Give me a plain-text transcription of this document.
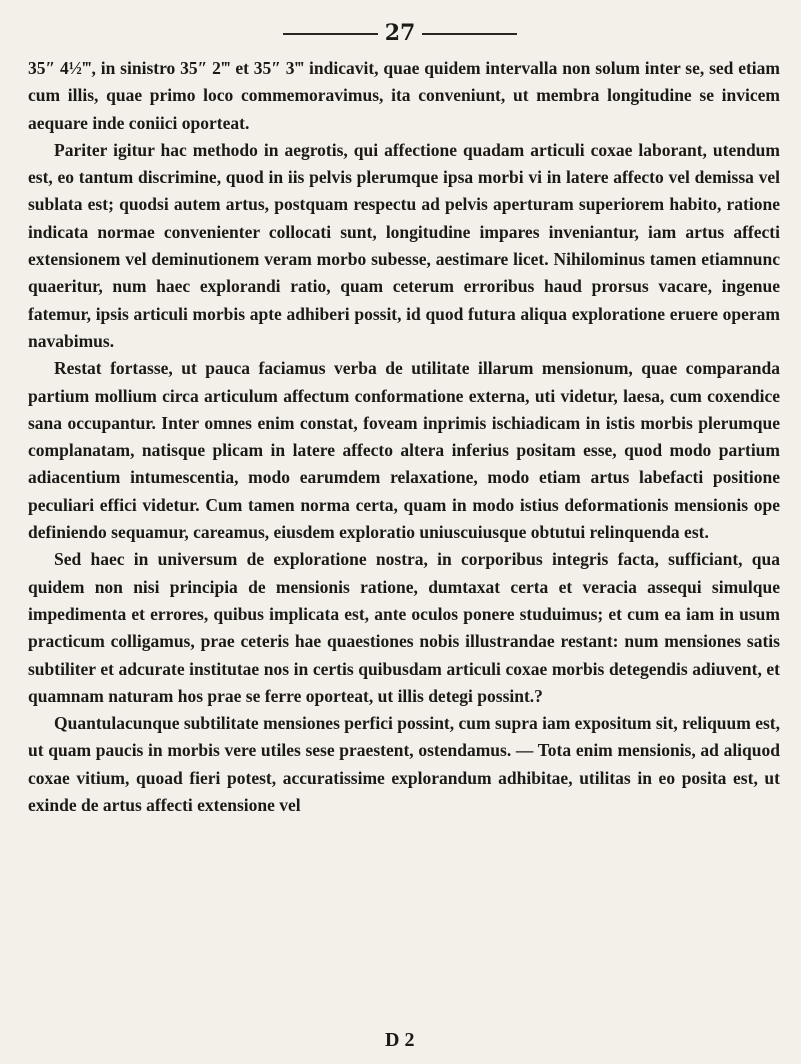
27

35″ 4½‴, in sinistro 35″ 2‴ et 35″ 3‴ indicavit, quae quidem intervalla non solum inter se, sed etiam cum illis, quae primo loco commemoravimus, ita conveniunt, ut membra longitudine se invicem aequare inde coniici oporteat.

Pariter igitur hac methodo in aegrotis, qui affectione quadam articuli coxae laborant, utendum est, eo tantum discrimine, quod in iis pelvis plerumque ipsa morbi vi in latere affecto vel demissa vel sublata est; quodsi autem artus, postquam respectu ad pelvis aperturam superiorem habito, ratione indicata normae convenienter collocati sunt, longitudine impares inveniantur, iam artus affecti extensionem vel deminutionem veram morbo subesse, aestimare licet. Nihilominus tamen etiamnunc quaeritur, num haec explorandi ratio, quam ceterum erroribus haud prorsus vacare, ingenue fatemur, ipsis articuli morbis apte adhiberi possit, id quod futura aliqua exploratione eruere operam navabimus.

Restat fortasse, ut pauca faciamus verba de utilitate illarum mensionum, quae comparanda partium mollium circa articulum affectum conformatione externa, uti videtur, laesa, cum coxendice sana occupantur. Inter omnes enim constat, foveam inprimis ischiadicam in istis morbis plerumque complanatam, natisque plicam in latere affecto altera inferius positam esse, quod modo partium adiacentium intumescentia, modo earumdem relaxatione, modo etiam artus labefacti positione peculiari effici videtur. Cum tamen norma certa, quam in modo istius deformationis mensionis ope definiendo sequamur, careamus, eiusdem exploratio uniuscuiusque obtutui relinquenda est.

Sed haec in universum de exploratione nostra, in corporibus integris facta, sufficiant, qua quidem non nisi principia de mensionis ratione, dumtaxat certa et veracia assequi simulque impedimenta et errores, quibus implicata est, ante oculos ponere studuimus; et cum ea iam in usum practicum colligamus, prae ceteris hae quaestiones nobis illustrandae restant: num mensiones satis subtiliter et adcurate institutae nos in certis quibusdam articuli coxae morbis detegendis adiuvent, et quamnam naturam hos prae se ferre oporteat, ut illis detegi possint.?

Quantulacunque subtilitate mensiones perfici possint, cum supra iam expositum sit, reliquum est, ut quam paucis in morbis vere utiles sese praestent, ostendamus. — Tota enim mensionis, ad aliquod coxae vitium, quoad fieri potest, accuratissime explorandum adhibitae, utilitas in eo posita est, ut exinde de artus affecti extensione vel

D 2
